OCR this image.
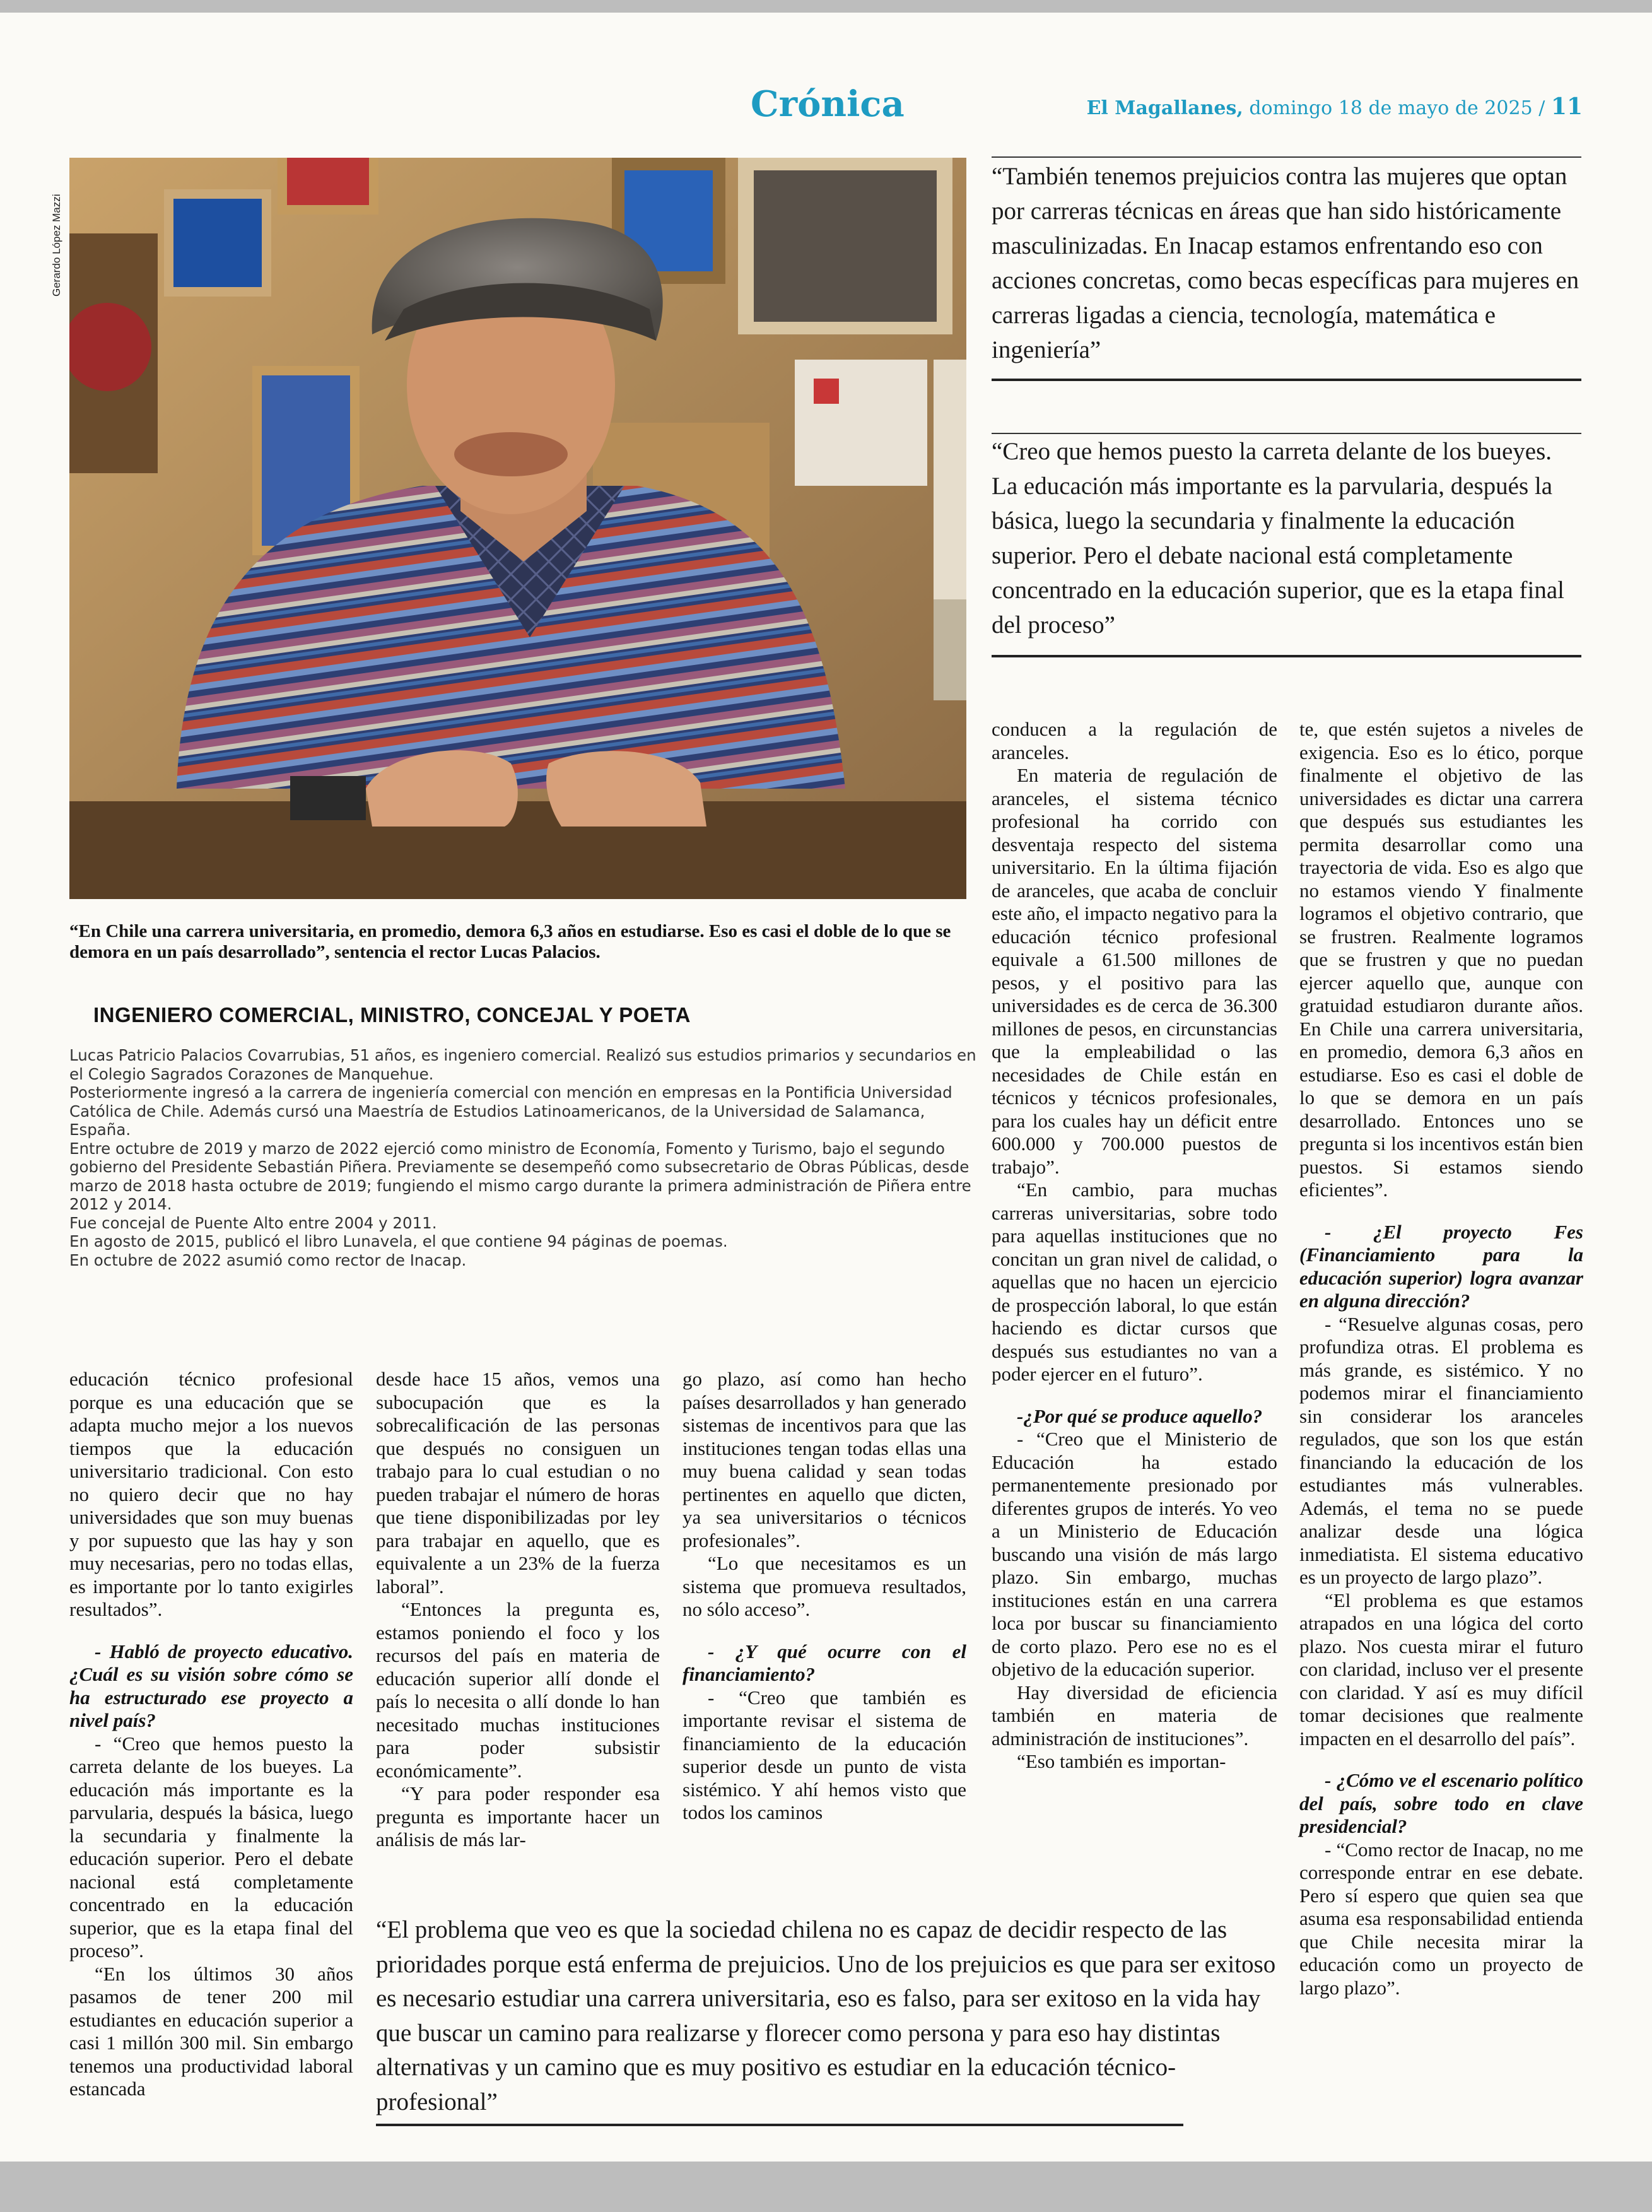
Crónica	El Magallanes, domingo 18 de mayo de 2025 / 11
Gerardo López Mazzi
“En Chile una carrera universitaria, en promedio, demora 6,3 años en estudiarse. Eso es casi el doble de lo que se demora en un país desarrollado”, sentencia el rector Lucas Palacios.
INGENIERO COMERCIAL, MINISTRO, CONCEJAL Y POETA

Lucas Patricio Palacios Covarrubias, 51 años, es ingeniero comercial. Realizó sus estudios primarios y secundarios en el Colegio Sagrados Corazones de Manquehue.

Posteriormente ingresó a la carrera de ingeniería comercial con mención en empresas en la Pontificia Universidad Católica de Chile. Además cursó una Maestría de Estudios Latinoamericanos, de la Universidad de Salamanca, España.

Entre octubre de 2019 y marzo de 2022 ejerció como ministro de Economía, Fomento y Turismo, bajo el segundo gobierno del Presidente Sebastián Piñera. Previamente se desempeñó como subsecretario de Obras Públicas, desde marzo de 2018 hasta octubre de 2019; fungiendo el mismo cargo durante la primera administración de Piñera entre 2012 y 2014.

Fue concejal de Puente Alto entre 2004 y 2011.

En agosto de 2015, publicó el libro Lunavela, el que contiene 94 páginas de poemas.

En octubre de 2022 asumió como rector de Inacap.

“También tenemos prejuicios contra las mujeres que optan por carreras técnicas en áreas que han sido históricamente masculinizadas. En Inacap estamos enfrentando eso con acciones concretas, como becas específicas para mujeres en carreras ligadas a ciencia, tecnología, matemática e ingeniería”
“Creo que hemos puesto la carreta delante de los bueyes. La educación más importante es la parvularia, después la básica, luego la secundaria y finalmente la educación superior. Pero el debate nacional está completamente concentrado en la educación superior, que es la etapa final del proceso”

educación técnico profesional porque es una educación que se adapta mucho mejor a los nuevos tiempos que la educación universitario tradicional. Con esto no quiero decir que no hay universidades que son muy buenas y por supuesto que las hay y son muy necesarias, pero no todas ellas, es importante por lo tanto exigirles resultados”.

- Habló de proyecto educativo. ¿Cuál es su visión sobre cómo se ha estructurado ese proyecto a nivel país?

- “Creo que hemos puesto la carreta delante de los bueyes. La educación más importante es la parvularia, después la básica, luego la secundaria y finalmente la educación superior. Pero el debate nacional está completamente concentrado en la educación superior, que es la etapa final del proceso”.

“En los últimos 30 años pasamos de tener 200 mil estudiantes en educación superior a casi 1 millón 300 mil. Sin embargo tenemos una productividad laboral estancada

desde hace 15 años, vemos una subocupación que es la sobrecalificación de las personas que después no consiguen un trabajo para lo cual estudian o no pueden trabajar el número de horas que tiene disponibilizadas por ley para trabajar en aquello, que es equivalente a un 23% de la fuerza laboral”.

“Entonces la pregunta es, estamos poniendo el foco y los recursos del país en materia de educación superior allí donde el país lo necesita o allí donde lo han necesitado muchas instituciones para poder subsistir económicamente”.

“Y para poder responder esa pregunta es importante hacer un análisis de más lar-

go plazo, así como han hecho países desarrollados y han generado sistemas de incentivos para que las instituciones tengan todas ellas una muy buena calidad y sean todas pertinentes en aquello que dicten, ya sea universitarios o técnicos profesionales”.

“Lo que necesitamos es un sistema que promueva resultados, no sólo acceso”.

- ¿Y qué ocurre con el financiamiento?

- “Creo que también es importante revisar el sistema de financiamiento de la educación superior desde un punto de vista sistémico. Y ahí hemos visto que todos los caminos

conducen a la regulación de aranceles.

En materia de regulación de aranceles, el sistema técnico profesional ha corrido con desventaja respecto del sistema universitario. En la última fijación de aranceles, que acaba de concluir este año, el impacto negativo para la educación técnico profesional equivale a 61.500 millones de pesos, y el positivo para las universidades es de cerca de 36.300 millones de pesos, en circunstancias que la empleabilidad o las necesidades de Chile están en técnicos y técnicos profesionales, para los cuales hay un déficit entre 600.000 y 700.000 puestos de trabajo”.

“En cambio, para muchas carreras universitarias, sobre todo para aquellas instituciones que no concitan un gran nivel de calidad, o aquellas que no hacen un ejercicio de prospección laboral, lo que están haciendo es dictar cursos que después sus estudiantes no van a poder ejercer en el futuro”.

-¿Por qué se produce aquello?

- “Creo que el Ministerio de Educación ha estado permanentemente presionado por diferentes grupos de interés. Yo veo a un Ministerio de Educación buscando una visión de más largo plazo. Sin embargo, muchas instituciones están en una carrera loca por buscar su financiamiento de corto plazo. Pero ese no es el objetivo de la educación superior.

Hay diversidad de eficiencia también en materia de administración de instituciones”.

“Eso también es importan-

te, que estén sujetos a niveles de exigencia. Eso es lo ético, porque finalmente el objetivo de las universidades es dictar una carrera que después sus estudiantes les permita desarrollar como una trayectoria de vida. Eso es algo que no estamos viendo Y finalmente logramos el objetivo contrario, que se frustren. Realmente logramos que se frustren y que no puedan ejercer aquello que, aunque con gratuidad estudiaron durante años. En Chile una carrera universitaria, en promedio, demora 6,3 años en estudiarse. Eso es casi el doble de lo que se demora en un país desarrollado. Entonces uno se pregunta si los incentivos están bien puestos. Si estamos siendo eficientes”.

- ¿El proyecto Fes (Financiamiento para la educación superior) logra avanzar en alguna dirección?

- “Resuelve algunas cosas, pero profundiza otras. El problema es más grande, es sistémico. Y no podemos mirar el financiamiento sin considerar los aranceles regulados, que son los que están financiando la educación de los estudiantes más vulnerables. Además, el tema no se puede analizar desde una lógica inmediatista. El sistema educativo es un proyecto de largo plazo”.

“El problema es que estamos atrapados en una lógica del corto plazo. Nos cuesta mirar el futuro con claridad, incluso ver el presente con claridad. Y así es muy difícil tomar decisiones que realmente impacten en el desarrollo del país”.

- ¿Cómo ve el escenario político del país, sobre todo en clave presidencial?

- “Como rector de Inacap, no me corresponde entrar en ese debate. Pero sí espero que quien sea que asuma esa responsabilidad entienda que Chile necesita mirar la educación como un proyecto de largo plazo”.

“El problema que veo es que la sociedad chilena no es capaz de decidir respecto de las prioridades porque está enferma de prejuicios. Uno de los prejuicios es que para ser exitoso es necesario estudiar una carrera universitaria, eso es falso, para ser exitoso en la vida hay que buscar un camino para realizarse y florecer como persona y para eso hay distintas alternativas y un camino que es muy positivo es estudiar en la educación técnico-profesional”
